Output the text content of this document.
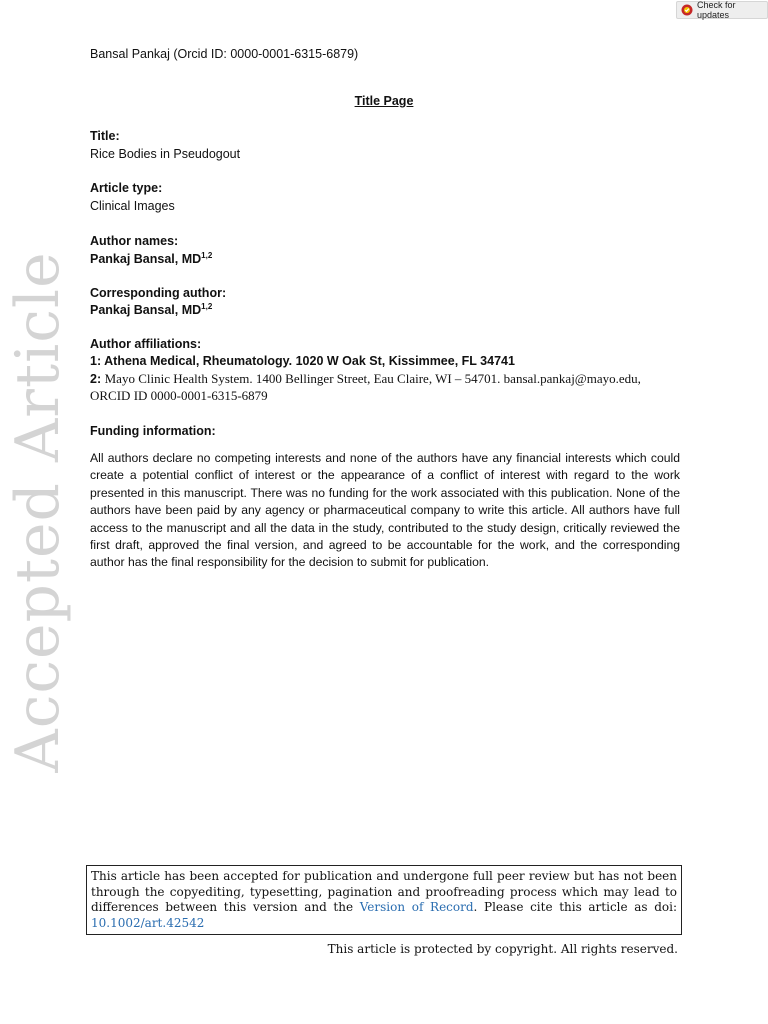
Check for updates
Accepted Article
Bansal Pankaj (Orcid ID: 0000-0001-6315-6879)
Title Page
Title:
Rice Bodies in Pseudogout
Article type:
Clinical Images
Author names:
Pankaj Bansal, MD$^{1,2}$
Corresponding author:
Pankaj Bansal, MD$^{1,2}$
Author affiliations:
1: Athena Medical, Rheumatology. 1020 W Oak St, Kissimmee, FL 34741
2: Mayo Clinic Health System. 1400 Bellinger Street, Eau Claire, WI – 54701. bansal.pankaj@mayo.edu,
ORCID ID 0000-0001-6315-6879
Funding information:
All authors declare no competing interests and none of the authors have any financial interests which could create a potential conflict of interest or the appearance of a conflict of interest with regard to the work presented in this manuscript. There was no funding for the work associated with this publication. None of the authors have been paid by any agency or pharmaceutical company to write this article. All authors have full access to the manuscript and all the data in the study, contributed to the study design, critically reviewed the first draft, approved the final version, and agreed to be accountable for the work, and the corresponding author has the final responsibility for the decision to submit for publication.
This article has been accepted for publication and undergone full peer review but has not been through the copyediting, typesetting, pagination and proofreading process which may lead to differences between this version and the Version of Record. Please cite this article as doi: 10.1002/art.42542
This article is protected by copyright. All rights reserved.
